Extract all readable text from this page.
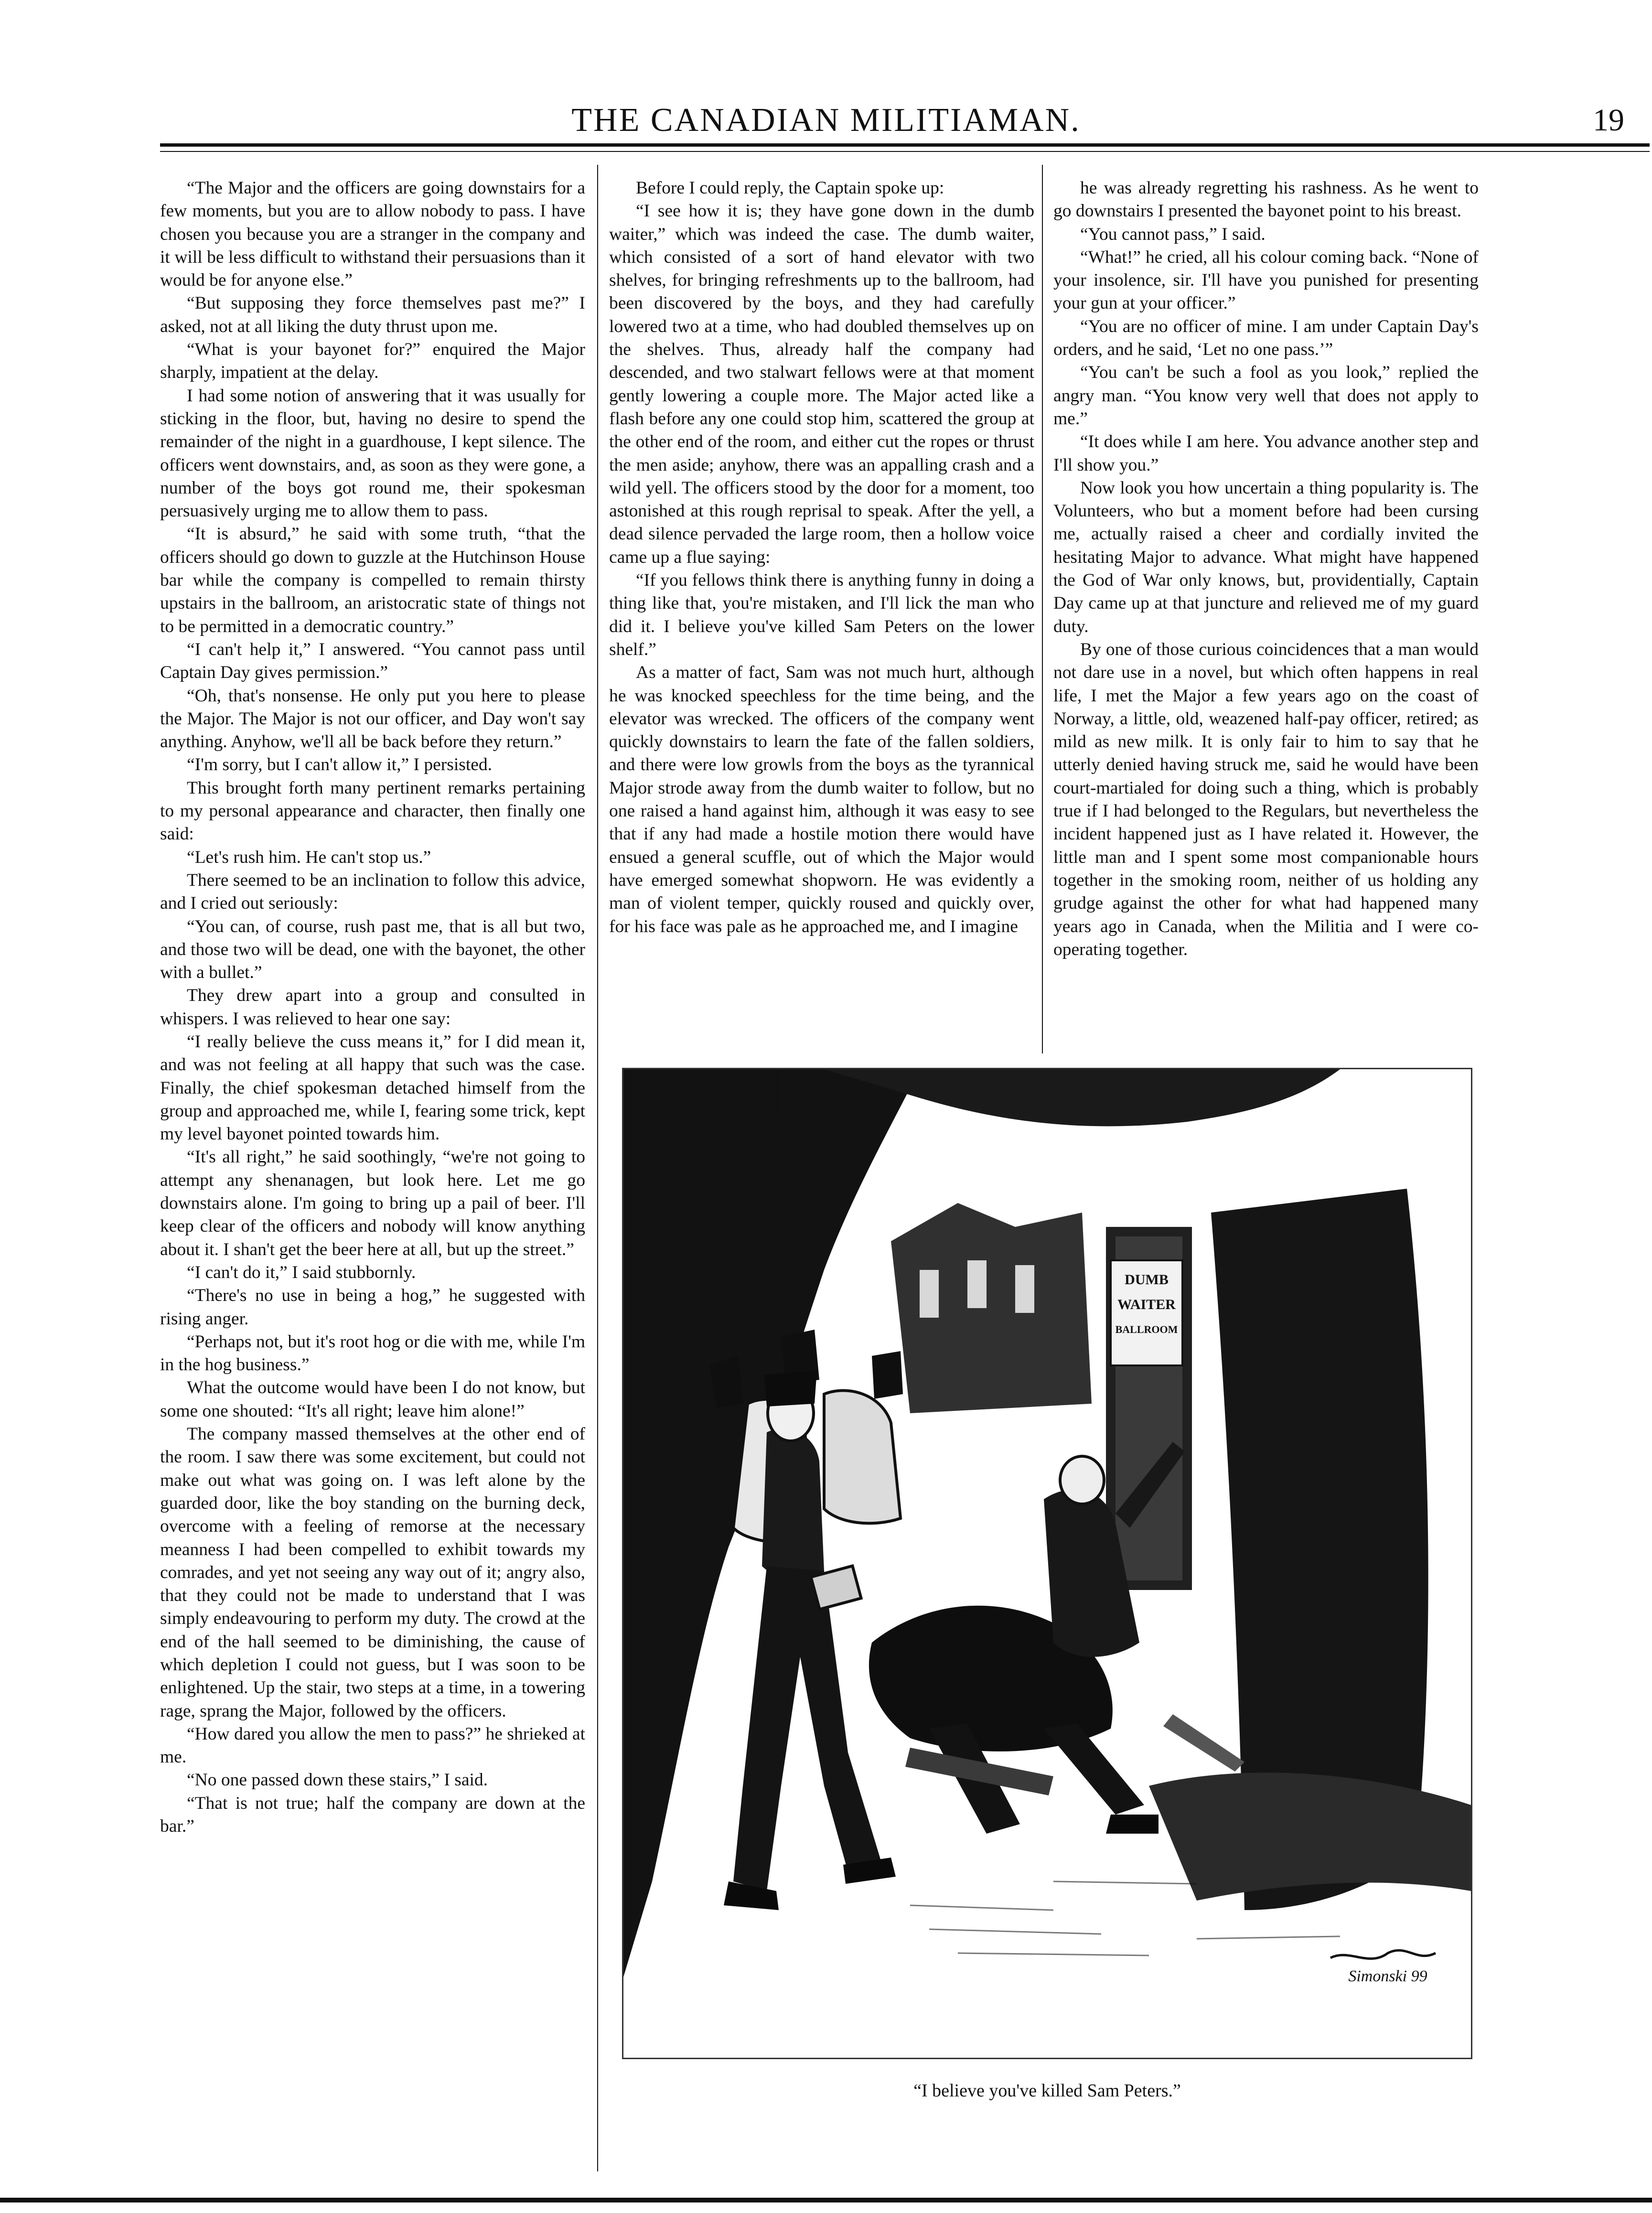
THE CANADIAN MILITIAMAN.	19

“The Major and the officers are going downstairs for a few moments, but you are to allow nobody to pass. I have chosen you because you are a stranger in the company and it will be less difficult to withstand their persuasions than it would be for anyone else.”

“But supposing they force themselves past me?” I asked, not at all liking the duty thrust upon me.

“What is your bayonet for?” enquired the Major sharply, impatient at the delay.

I had some notion of answering that it was usually for sticking in the floor, but, having no desire to spend the remainder of the night in a guardhouse, I kept silence. The officers went downstairs, and, as soon as they were gone, a number of the boys got round me, their spokesman persuasively urging me to allow them to pass.

“It is absurd,” he said with some truth, “that the officers should go down to guzzle at the Hutchinson House bar while the company is compelled to remain thirsty upstairs in the ballroom, an aristocratic state of things not to be permitted in a democratic country.”

“I can't help it,” I answered. “You cannot pass until Captain Day gives permission.”

“Oh, that's nonsense. He only put you here to please the Major. The Major is not our officer, and Day won't say anything. Anyhow, we'll all be back before they return.”

“I'm sorry, but I can't allow it,” I persisted.

This brought forth many pertinent remarks pertaining to my personal appearance and character, then finally one said:

“Let's rush him. He can't stop us.”

There seemed to be an inclination to follow this advice, and I cried out seriously:

“You can, of course, rush past me, that is all but two, and those two will be dead, one with the bayonet, the other with a bullet.”

They drew apart into a group and consulted in whispers. I was relieved to hear one say:

“I really believe the cuss means it,” for I did mean it, and was not feeling at all happy that such was the case. Finally, the chief spokesman detached himself from the group and approached me, while I, fearing some trick, kept my level bayonet pointed towards him.

“It's all right,” he said soothingly, “we're not going to attempt any shenanagen, but look here. Let me go downstairs alone. I'm going to bring up a pail of beer. I'll keep clear of the officers and nobody will know anything about it. I shan't get the beer here at all, but up the street.”

“I can't do it,” I said stubbornly.

“There's no use in being a hog,” he suggested with rising anger.

“Perhaps not, but it's root hog or die with me, while I'm in the hog business.”

What the outcome would have been I do not know, but some one shouted: “It's all right; leave him alone!”

The company massed themselves at the other end of the room. I saw there was some excitement, but could not make out what was going on. I was left alone by the guarded door, like the boy standing on the burning deck, overcome with a feeling of remorse at the necessary meanness I had been compelled to exhibit towards my comrades, and yet not seeing any way out of it; angry also, that they could not be made to understand that I was simply endeavouring to perform my duty. The crowd at the end of the hall seemed to be diminishing, the cause of which depletion I could not guess, but I was soon to be enlightened. Up the stair, two steps at a time, in a towering rage, sprang the Major, followed by the officers.

“How dared you allow the men to pass?” he shrieked at me.

“No one passed down these stairs,” I said.

“That is not true; half the company are down at the bar.”

Before I could reply, the Captain spoke up:

“I see how it is; they have gone down in the dumb waiter,” which was indeed the case. The dumb waiter, which consisted of a sort of hand elevator with two shelves, for bringing refreshments up to the ballroom, had been discovered by the boys, and they had carefully lowered two at a time, who had doubled themselves up on the shelves. Thus, already half the company had descended, and two stalwart fellows were at that moment gently lowering a couple more. The Major acted like a flash before any one could stop him, scattered the group at the other end of the room, and either cut the ropes or thrust the men aside; anyhow, there was an appalling crash and a wild yell. The officers stood by the door for a moment, too astonished at this rough reprisal to speak. After the yell, a dead silence pervaded the large room, then a hollow voice came up a flue saying:

“If you fellows think there is anything funny in doing a thing like that, you're mistaken, and I'll lick the man who did it. I believe you've killed Sam Peters on the lower shelf.”

As a matter of fact, Sam was not much hurt, although he was knocked speechless for the time being, and the elevator was wrecked. The officers of the company went quickly downstairs to learn the fate of the fallen soldiers, and there were low growls from the boys as the tyrannical Major strode away from the dumb waiter to follow, but no one raised a hand against him, although it was easy to see that if any had made a hostile motion there would have ensued a general scuffle, out of which the Major would have emerged somewhat shopworn. He was evidently a man of violent temper, quickly roused and quickly over, for his face was pale as he approached me, and I imagine

he was already regretting his rashness. As he went to go downstairs I presented the bayonet point to his breast.

“You cannot pass,” I said.

“What!” he cried, all his colour coming back. “None of your insolence, sir. I'll have you punished for presenting your gun at your officer.”

“You are no officer of mine. I am under Captain Day's orders, and he said, ‘Let no one pass.’”

“You can't be such a fool as you look,” replied the angry man. “You know very well that does not apply to me.”

“It does while I am here. You advance another step and I'll show you.”

Now look you how uncertain a thing popularity is. The Volunteers, who but a moment before had been cursing me, actually raised a cheer and cordially invited the hesitating Major to advance. What might have happened the God of War only knows, but, providentially, Captain Day came up at that juncture and relieved me of my guard duty.

By one of those curious coincidences that a man would not dare use in a novel, but which often happens in real life, I met the Major a few years ago on the coast of Norway, a little, old, weazened half-pay officer, retired; as mild as new milk. It is only fair to him to say that he utterly denied having struck me, said he would have been court-martialed for doing such a thing, which is probably true if I had belonged to the Regulars, but nevertheless the incident happened just as I have related it. However, the little man and I spent some most companionable hours together in the smoking room, neither of us holding any grudge against the other for what had happened many years ago in Canada, when the Militia and I were co-operating together.

DUMB
WAITER
BALLROOM
Simonski 99
“I believe you've killed Sam Peters.”
